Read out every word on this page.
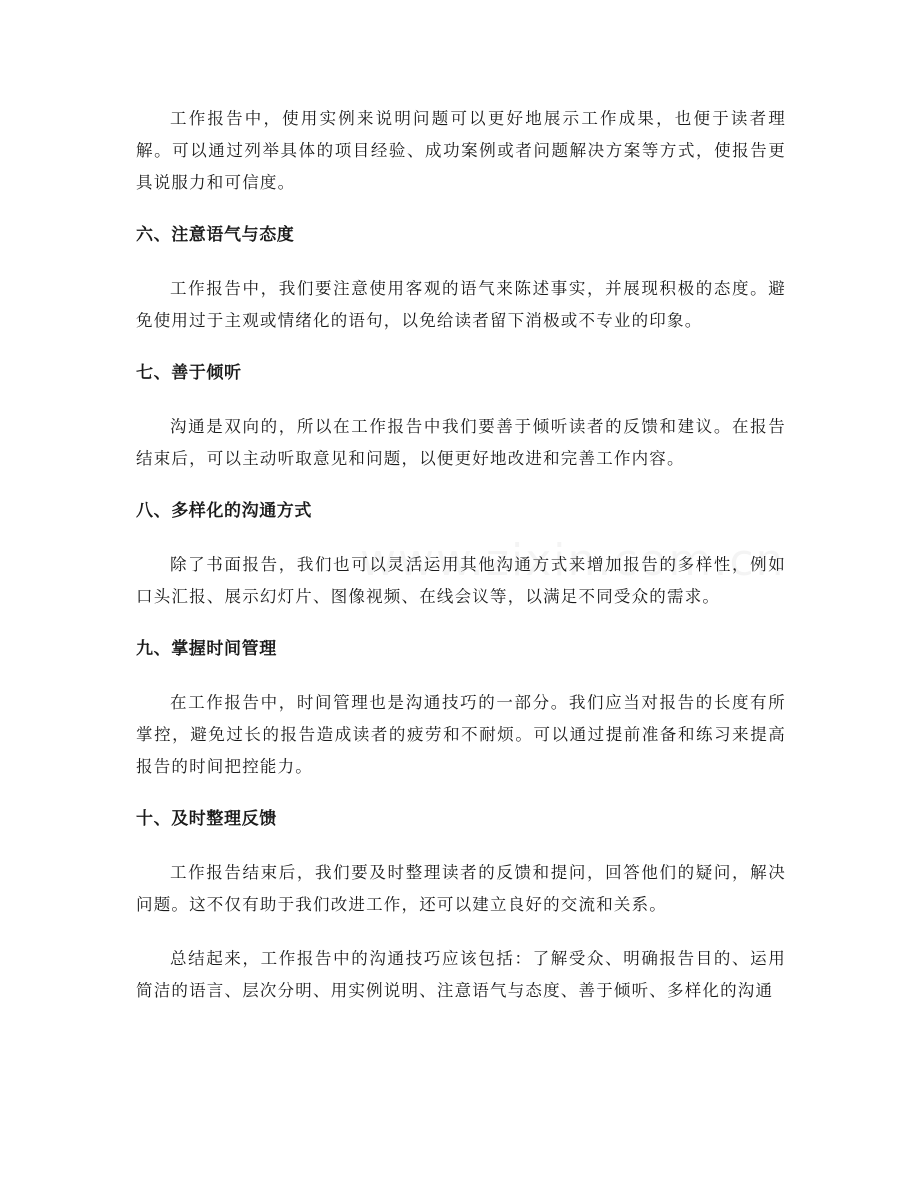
工作报告中，使用实例来说明问题可以更好地展示工作成果，也便于读者理解。可以通过列举具体的项目经验、成功案例或者问题解决方案等方式，使报告更具说服力和可信度。

六、注意语气与态度

工作报告中，我们要注意使用客观的语气来陈述事实，并展现积极的态度。避免使用过于主观或情绪化的语句，以免给读者留下消极或不专业的印象。

七、善于倾听

沟通是双向的，所以在工作报告中我们要善于倾听读者的反馈和建议。在报告结束后，可以主动听取意见和问题，以便更好地改进和完善工作内容。

八、多样化的沟通方式

除了书面报告，我们也可以灵活运用其他沟通方式来增加报告的多样性，例如口头汇报、展示幻灯片、图像视频、在线会议等，以满足不同受众的需求。

九、掌握时间管理

在工作报告中，时间管理也是沟通技巧的一部分。我们应当对报告的长度有所掌控，避免过长的报告造成读者的疲劳和不耐烦。可以通过提前准备和练习来提高报告的时间把控能力。

十、及时整理反馈

工作报告结束后，我们要及时整理读者的反馈和提问，回答他们的疑问，解决问题。这不仅有助于我们改进工作，还可以建立良好的交流和关系。

总结起来，工作报告中的沟通技巧应该包括：了解受众、明确报告目的、运用简洁的语言、层次分明、用实例说明、注意语气与态度、善于倾听、多样化的沟通
